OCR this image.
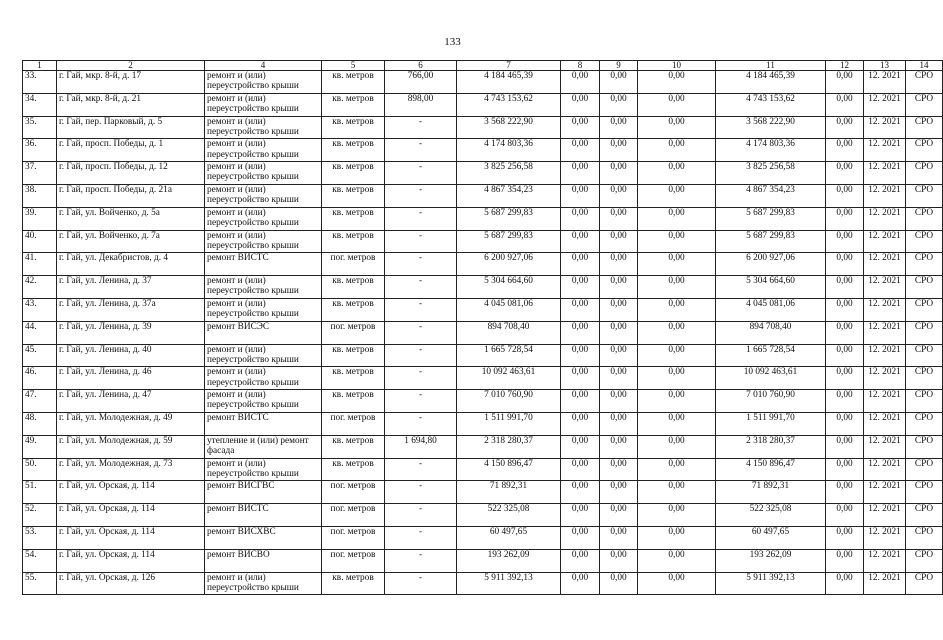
133
1	2	4	5	6	7	8	9	10	11	12	13	14
33.	г. Гай, мкр. 8-й, д. 17	ремонт и (или) переустройство крыши	кв. метров	766,00	4 184 465,39	0,00	0,00	0,00	4 184 465,39	0,00	12. 2021	СРО
34.	г. Гай, мкр. 8-й, д. 21	ремонт и (или) переустройство крыши	кв. метров	898,00	4 743 153,62	0,00	0,00	0,00	4 743 153,62	0,00	12. 2021	СРО
35.	г. Гай, пер. Парковый, д. 5	ремонт и (или) переустройство крыши	кв. метров	-	3 568 222,90	0,00	0,00	0,00	3 568 222,90	0,00	12. 2021	СРО
36.	г. Гай, просп. Победы, д. 1	ремонт и (или) переустройство крыши	кв. метров	-	4 174 803,36	0,00	0,00	0,00	4 174 803,36	0,00	12. 2021	СРО
37.	г. Гай, просп. Победы, д. 12	ремонт и (или) переустройство крыши	кв. метров	-	3 825 256,58	0,00	0,00	0,00	3 825 256,58	0,00	12. 2021	СРО
38.	г. Гай, просп. Победы, д. 21а	ремонт и (или) переустройство крыши	кв. метров	-	4 867 354,23	0,00	0,00	0,00	4 867 354,23	0,00	12. 2021	СРО
39.	г. Гай, ул. Войченко, д. 5а	ремонт и (или) переустройство крыши	кв. метров	-	5 687 299,83	0,00	0,00	0,00	5 687 299,83	0,00	12. 2021	СРО
40.	г. Гай, ул. Войченко, д. 7а	ремонт и (или) переустройство крыши	кв. метров	-	5 687 299,83	0,00	0,00	0,00	5 687 299,83	0,00	12. 2021	СРО
41.	г. Гай, ул. Декабристов, д. 4	ремонт ВИСТС	пог. метров	-	6 200 927,06	0,00	0,00	0,00	6 200 927,06	0,00	12. 2021	СРО
42.	г. Гай, ул. Ленина, д. 37	ремонт и (или) переустройство крыши	кв. метров	-	5 304 664,60	0,00	0,00	0,00	5 304 664,60	0,00	12. 2021	СРО
43.	г. Гай, ул. Ленина, д. 37а	ремонт и (или) переустройство крыши	кв. метров	-	4 045 081,06	0,00	0,00	0,00	4 045 081,06	0,00	12. 2021	СРО
44.	г. Гай, ул. Ленина, д. 39	ремонт ВИСЭС	пог. метров	-	894 708,40	0,00	0,00	0,00	894 708,40	0,00	12. 2021	СРО
45.	г. Гай, ул. Ленина, д. 40	ремонт и (или) переустройство крыши	кв. метров	-	1 665 728,54	0,00	0,00	0,00	1 665 728,54	0,00	12. 2021	СРО
46.	г. Гай, ул. Ленина, д. 46	ремонт и (или) переустройство крыши	кв. метров	-	10 092 463,61	0,00	0,00	0,00	10 092 463,61	0,00	12. 2021	СРО
47.	г. Гай, ул. Ленина, д. 47	ремонт и (или) переустройство крыши	кв. метров	-	7 010 760,90	0,00	0,00	0,00	7 010 760,90	0,00	12. 2021	СРО
48.	г. Гай, ул. Молодежная, д. 49	ремонт ВИСТС	пог. метров	-	1 511 991,70	0,00	0,00	0,00	1 511 991,70	0,00	12. 2021	СРО
49.	г. Гай, ул. Молодежная, д. 59	утепление и (или) ремонт фасада	кв. метров	1 694,80	2 318 280,37	0,00	0,00	0,00	2 318 280,37	0,00	12. 2021	СРО
50.	г. Гай, ул. Молодежная, д. 73	ремонт и (или) переустройство крыши	кв. метров	-	4 150 896,47	0,00	0,00	0,00	4 150 896,47	0,00	12. 2021	СРО
51.	г. Гай, ул. Орская, д. 114	ремонт ВИСГВС	пог. метров	-	71 892,31	0,00	0,00	0,00	71 892,31	0,00	12. 2021	СРО
52.	г. Гай, ул. Орская, д. 114	ремонт ВИСТС	пог. метров	-	522 325,08	0,00	0,00	0,00	522 325,08	0,00	12. 2021	СРО
53.	г. Гай, ул. Орская, д. 114	ремонт ВИСХВС	пог. метров	-	60 497,65	0,00	0,00	0,00	60 497,65	0,00	12. 2021	СРО
54.	г. Гай, ул. Орская, д. 114	ремонт ВИСВО	пог. метров	-	193 262,09	0,00	0,00	0,00	193 262,09	0,00	12. 2021	СРО
55.	г. Гай, ул. Орская, д. 126	ремонт и (или) переустройство крыши	кв. метров	-	5 911 392,13	0,00	0,00	0,00	5 911 392,13	0,00	12. 2021	СРО
